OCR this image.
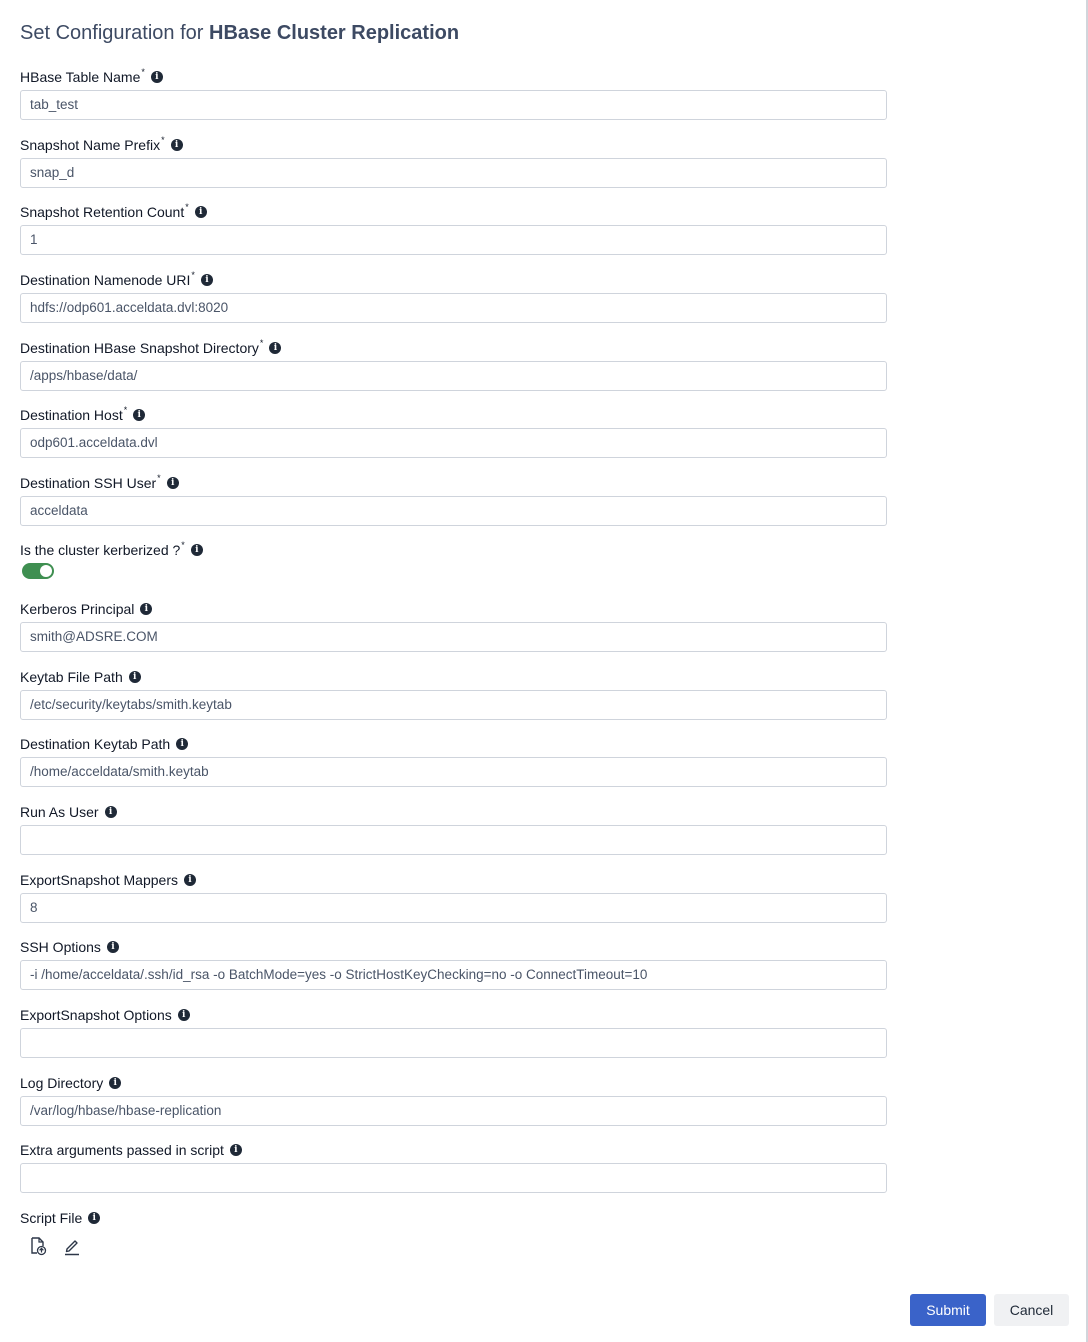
Set Configuration for HBase Cluster Replication
HBase Table Name *	i
tab_test
Snapshot Name Prefix *	i
snap_d
Snapshot Retention Count *	i
1
Destination Namenode URI *	i
hdfs://odp601.acceldata.dvl:8020
Destination HBase Snapshot Directory *	i
/apps/hbase/data/
Destination Host *	i
odp601.acceldata.dvl
Destination SSH User *	i
acceldata
Is the cluster kerberized ? *	i
Kerberos Principal	i
smith@ADSRE.COM
Keytab File Path	i
/etc/security/keytabs/smith.keytab
Destination Keytab Path	i
/home/acceldata/smith.keytab
Run As User	i
ExportSnapshot Mappers	i
8
SSH Options	i
-i /home/acceldata/.ssh/id_rsa -o BatchMode=yes -o StrictHostKeyChecking=no -o ConnectTimeout=10
ExportSnapshot Options	i
Log Directory	i
/var/log/hbase/hbase-replication
Extra arguments passed in script	i
Script File	i
Submit	Cancel
